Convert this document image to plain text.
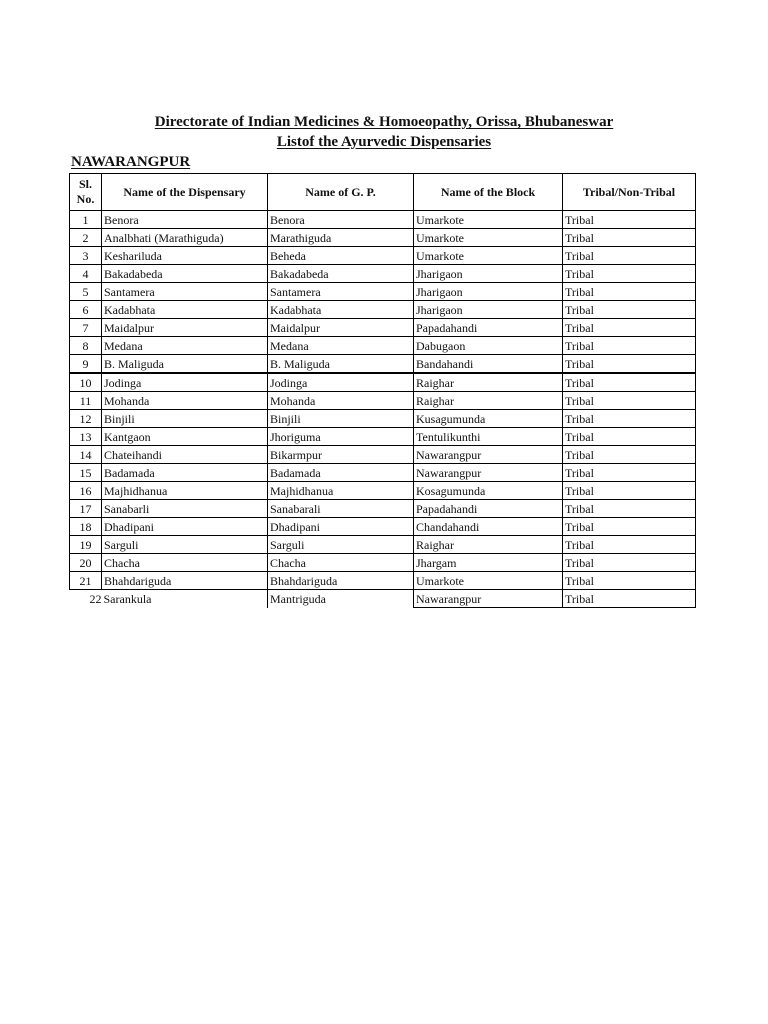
Directorate of Indian Medicines & Homoeopathy, Orissa, Bhubaneswar
Listof the Ayurvedic Dispensaries
NAWARANGPUR
Sl.
No.	Name of the Dispensary	Name of G. P.	Name of the Block	Tribal/Non-Tribal
1	Benora	Benora	Umarkote	Tribal
2	Analbhati (Marathiguda)	Marathiguda	Umarkote	Tribal
3	Keshariluda	Beheda	Umarkote	Tribal
4	Bakadabeda	Bakadabeda	Jharigaon	Tribal
5	Santamera	Santamera	Jharigaon	Tribal
6	Kadabhata	Kadabhata	Jharigaon	Tribal
7	Maidalpur	Maidalpur	Papadahandi	Tribal
8	Medana	Medana	Dabugaon	Tribal
9	B. Maliguda	B. Maliguda	Bandahandi	Tribal
10	Jodinga	Jodinga	Raighar	Tribal
11	Mohanda	Mohanda	Raighar	Tribal
12	Binjili	Binjili	Kusagumunda	Tribal
13	Kantgaon	Jhoriguma	Tentulikunthi	Tribal
14	Chateihandi	Bikarmpur	Nawarangpur	Tribal
15	Badamada	Badamada	Nawarangpur	Tribal
16	Majhidhanua	Majhidhanua	Kosagumunda	Tribal
17	Sanabarli	Sanabarali	Papadahandi	Tribal
18	Dhadipani	Dhadipani	Chandahandi	Tribal
19	Sarguli	Sarguli	Raighar	Tribal
20	Chacha	Chacha	Jhargam	Tribal
21	Bhahdariguda	Bhahdariguda	Umarkote	Tribal
22	Sarankula	Mantriguda	Nawarangpur	Tribal
